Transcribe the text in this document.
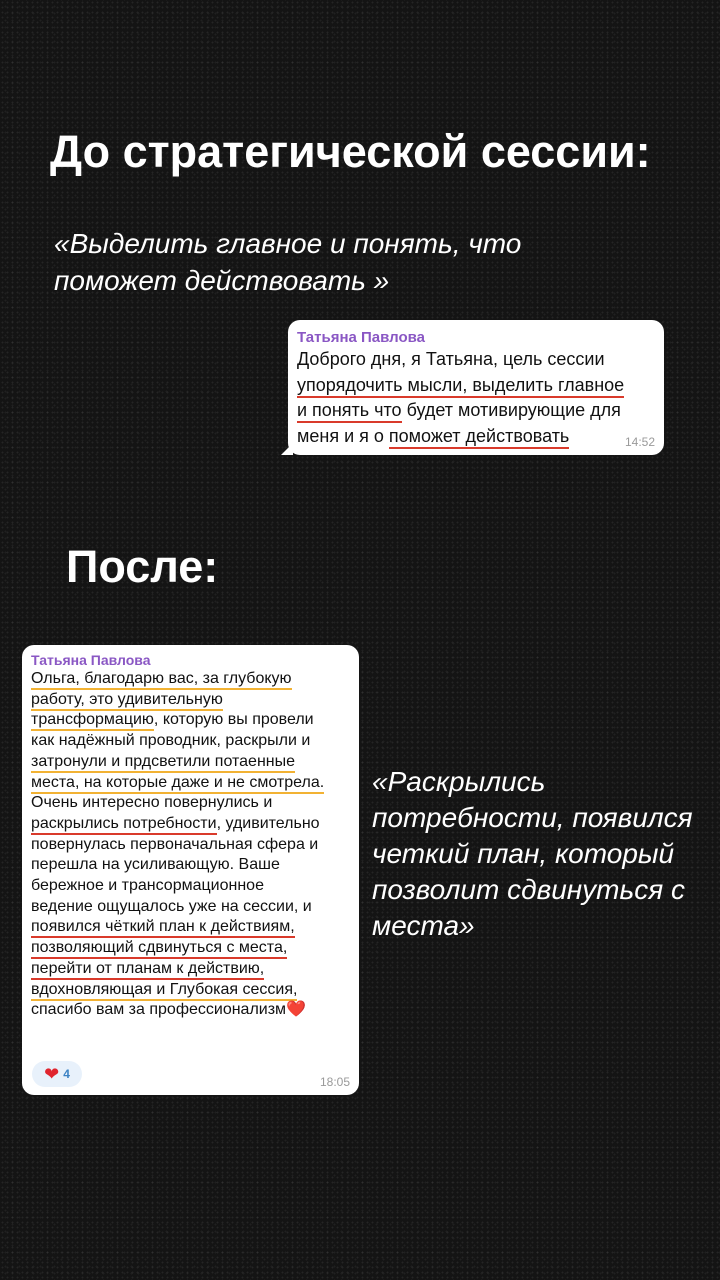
До стратегической сессии:

«Выделить главное и понять, что
поможет действовать »

Татьяна Павлова
Доброго дня, я Татьяна, цель сессии
упорядочить мысли, выделить главное
и понять что будет мотивирующие для
меня и я о поможет действовать	14:52
После:
Татьяна Павлова
Ольга, благодарю вас, за глубокую
работу, это удивительную
трансформацию, которую вы провели
как надёжный проводник, раскрыли и
затронули и прдсветили потаенные
места, на которые даже и не смотрела.
Очень интересно повернулись и
раскрылись потребности, удивительно
повернулась первоначальная сфера и
перешла на усиливающую. Ваше
бережное и трансормационное
ведение ощущалось уже на сессии, и
появился чёткий план к действиям,
позволяющий сдвинуться с места,
перейти от планам к действию,
вдохновляющая и Глубокая сессия,
спасибо вам за профессионализм❤️
❤ 4
18:05

«Раскрылись
потребности, появился
четкий план, который
позволит сдвинуться с
места»
